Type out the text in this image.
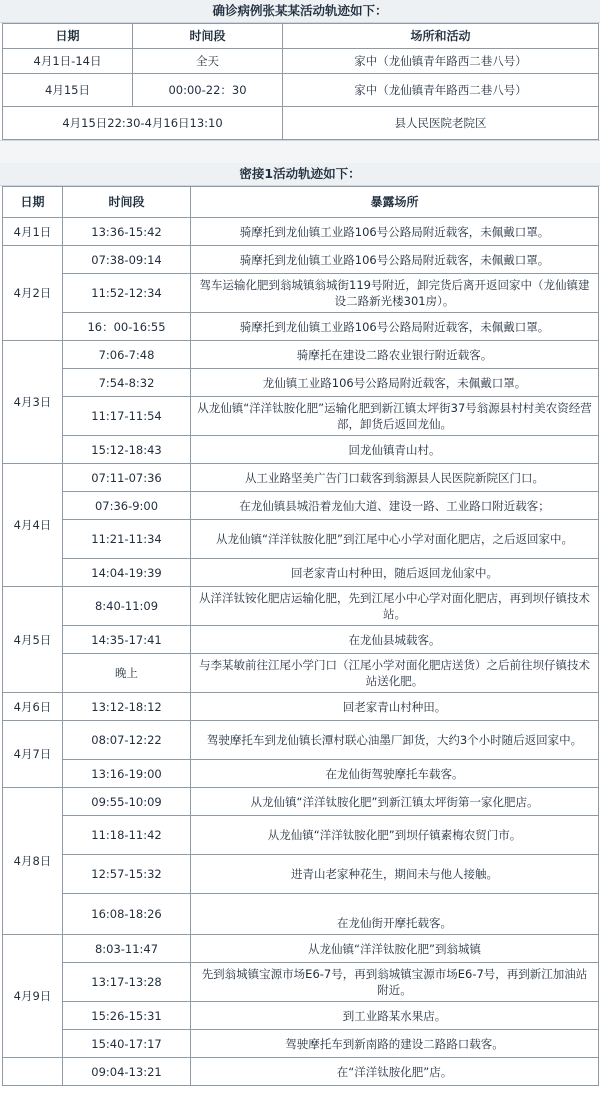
确诊病例张某某活动轨迹如下：
日期	时间段	场所和活动
4月1日-14日	全天	家中（龙仙镇青年路西二巷八号）
4月15日	00:00-22：30	家中（龙仙镇青年路西二巷八号）
4月15日22:30-4月16日13:10		县人民医院老院区
密接1活动轨迹如下：
日期	时间段	暴露场所
4月1日	13:36-15:42	骑摩托到龙仙镇工业路106号公路局附近载客，未佩戴口罩。
4月2日	07:38-09:14	骑摩托到龙仙镇工业路106号公路局附近载客，未佩戴口罩。
	11:52-12:34	驾车运输化肥到翁城镇翁城街119号附近，卸完货后离开返回家中（龙仙镇建设二路新光楼301房）。
	16：00-16:55	骑摩托到龙仙镇工业路106号公路局附近载客，未佩戴口罩。
4月3日	7:06-7:48	骑摩托在建设二路农业银行附近载客。
	7:54-8:32	龙仙镇工业路106号公路局附近载客，未佩戴口罩。
	11:17-11:54	从龙仙镇“洋洋钛胺化肥”运输化肥到新江镇太坪街37号翁源县村村美农资经营部，卸货后返回龙仙。
	15:12-18:43	回龙仙镇青山村。
4月4日	07:11-07:36	从工业路坚美广告门口载客到翁源县人民医院新院区门口。
	07:36-9:00	在龙仙镇县城沿着龙仙大道、建设一路、工业路口附近载客；
	11:21-11:34	从龙仙镇“洋洋钛胺化肥”到江尾中心小学对面化肥店，之后返回家中。
	14:04-19:39	回老家青山村种田，随后返回龙仙家中。
4月5日	8:40-11:09	从洋洋钛铵化肥店运输化肥，先到江尾小中心学对面化肥店，再到坝仔镇技术站。
	14:35-17:41	在龙仙县城载客。
	晚上	与李某敏前往江尾小学门口（江尾小学对面化肥店送货）之后前往坝仔镇技术站送化肥。
4月6日	13:12-18:12	回老家青山村种田。
4月7日	08:07-12:22	驾驶摩托车到龙仙镇长潭村联心油墨厂卸货，大约3个小时随后返回家中。
	13:16-19:00	在龙仙街驾驶摩托车载客。
4月8日	09:55-10:09	从龙仙镇“洋洋钛胺化肥”到新江镇太坪街第一家化肥店。
	11:18-11:42	从龙仙镇“洋洋钛胺化肥”到坝仔镇素梅农贸门市。
	12:57-15:32	进青山老家种花生，期间未与他人接触。
	16:08-18:26	在龙仙街开摩托载客。
4月9日	8:03-11:47	从龙仙镇“洋洋钛胺化肥”到翁城镇
	13:17-13:28	先到翁城镇宝源市场E6-7号，再到翁城镇宝源市场E6-7号，再到新江加油站附近。
	15:26-15:31	到工业路某水果店。
	15:40-17:17	驾驶摩托车到新南路的建设二路路口载客。
	09:04-13:21	在“洋洋钛胺化肥”店。
